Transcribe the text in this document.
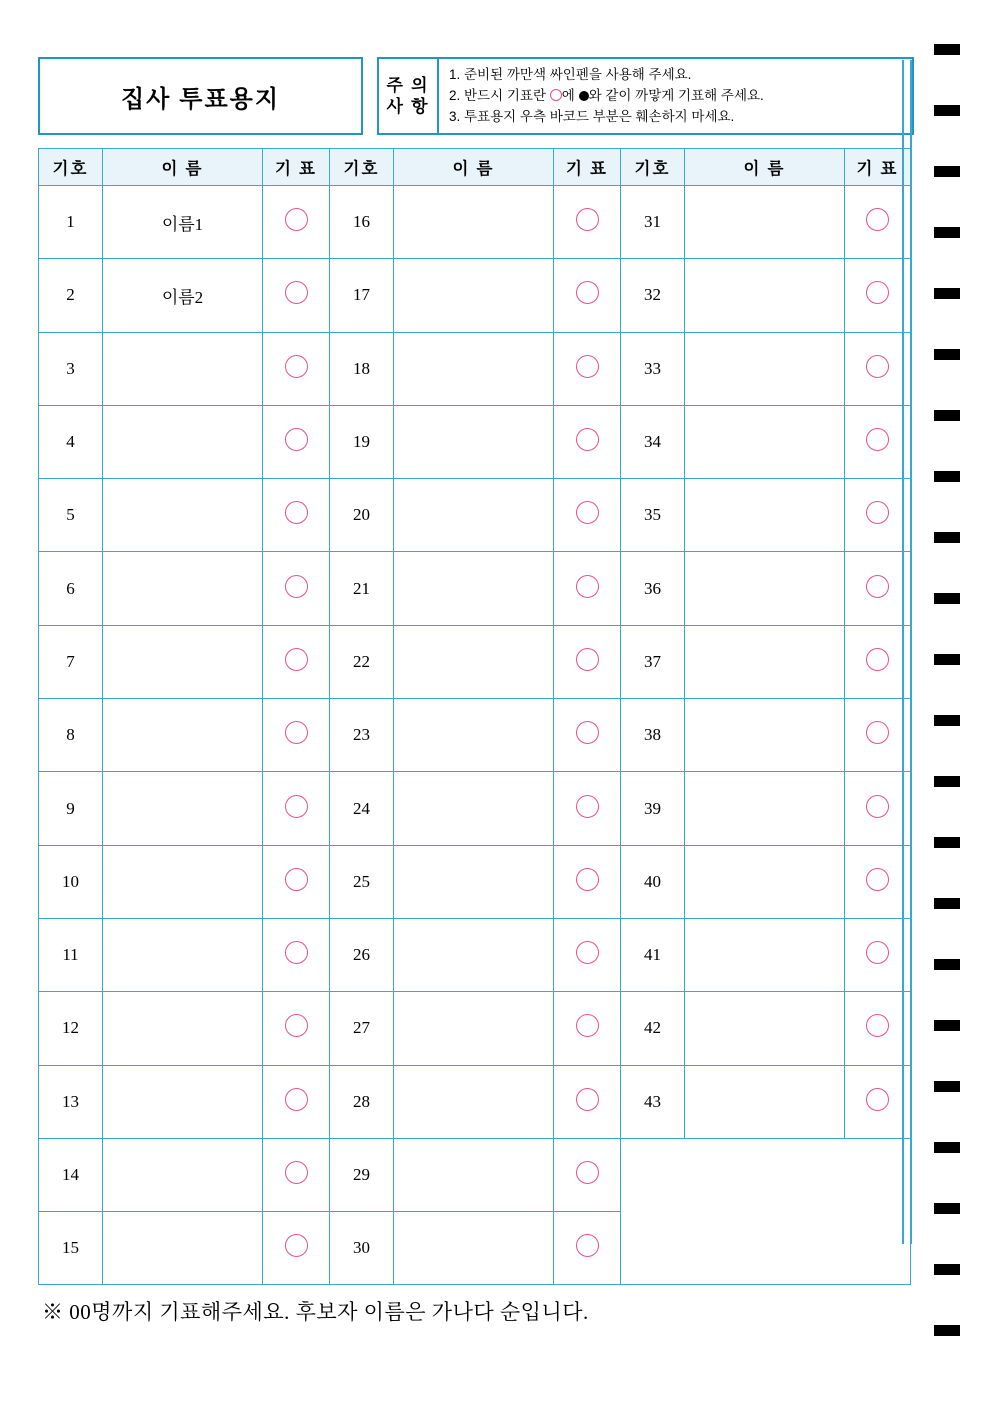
집사 투표용지
주 의
사 항
1. 준비된 까만색 싸인펜을 사용해 주세요.
2. 반드시 기표란 에 와 같이 까맣게 기표해 주세요.
3. 투표용지 우측 바코드 부분은 훼손하지 마세요.
기호	이 름	기 표	기호	이 름	기 표	기호	이 름	기 표
1	이름1		16			31		
2	이름2		17			32		
3			18			33		
4			19			34		
5			20			35		
6			21			36		
7			22			37		
8			23			38		
9			24			39		
10			25			40		
11			26			41		
12			27			42		
13			28			43		
14			29					
15			30					
※ 00명까지 기표해주세요. 후보자 이름은 가나다 순입니다.
